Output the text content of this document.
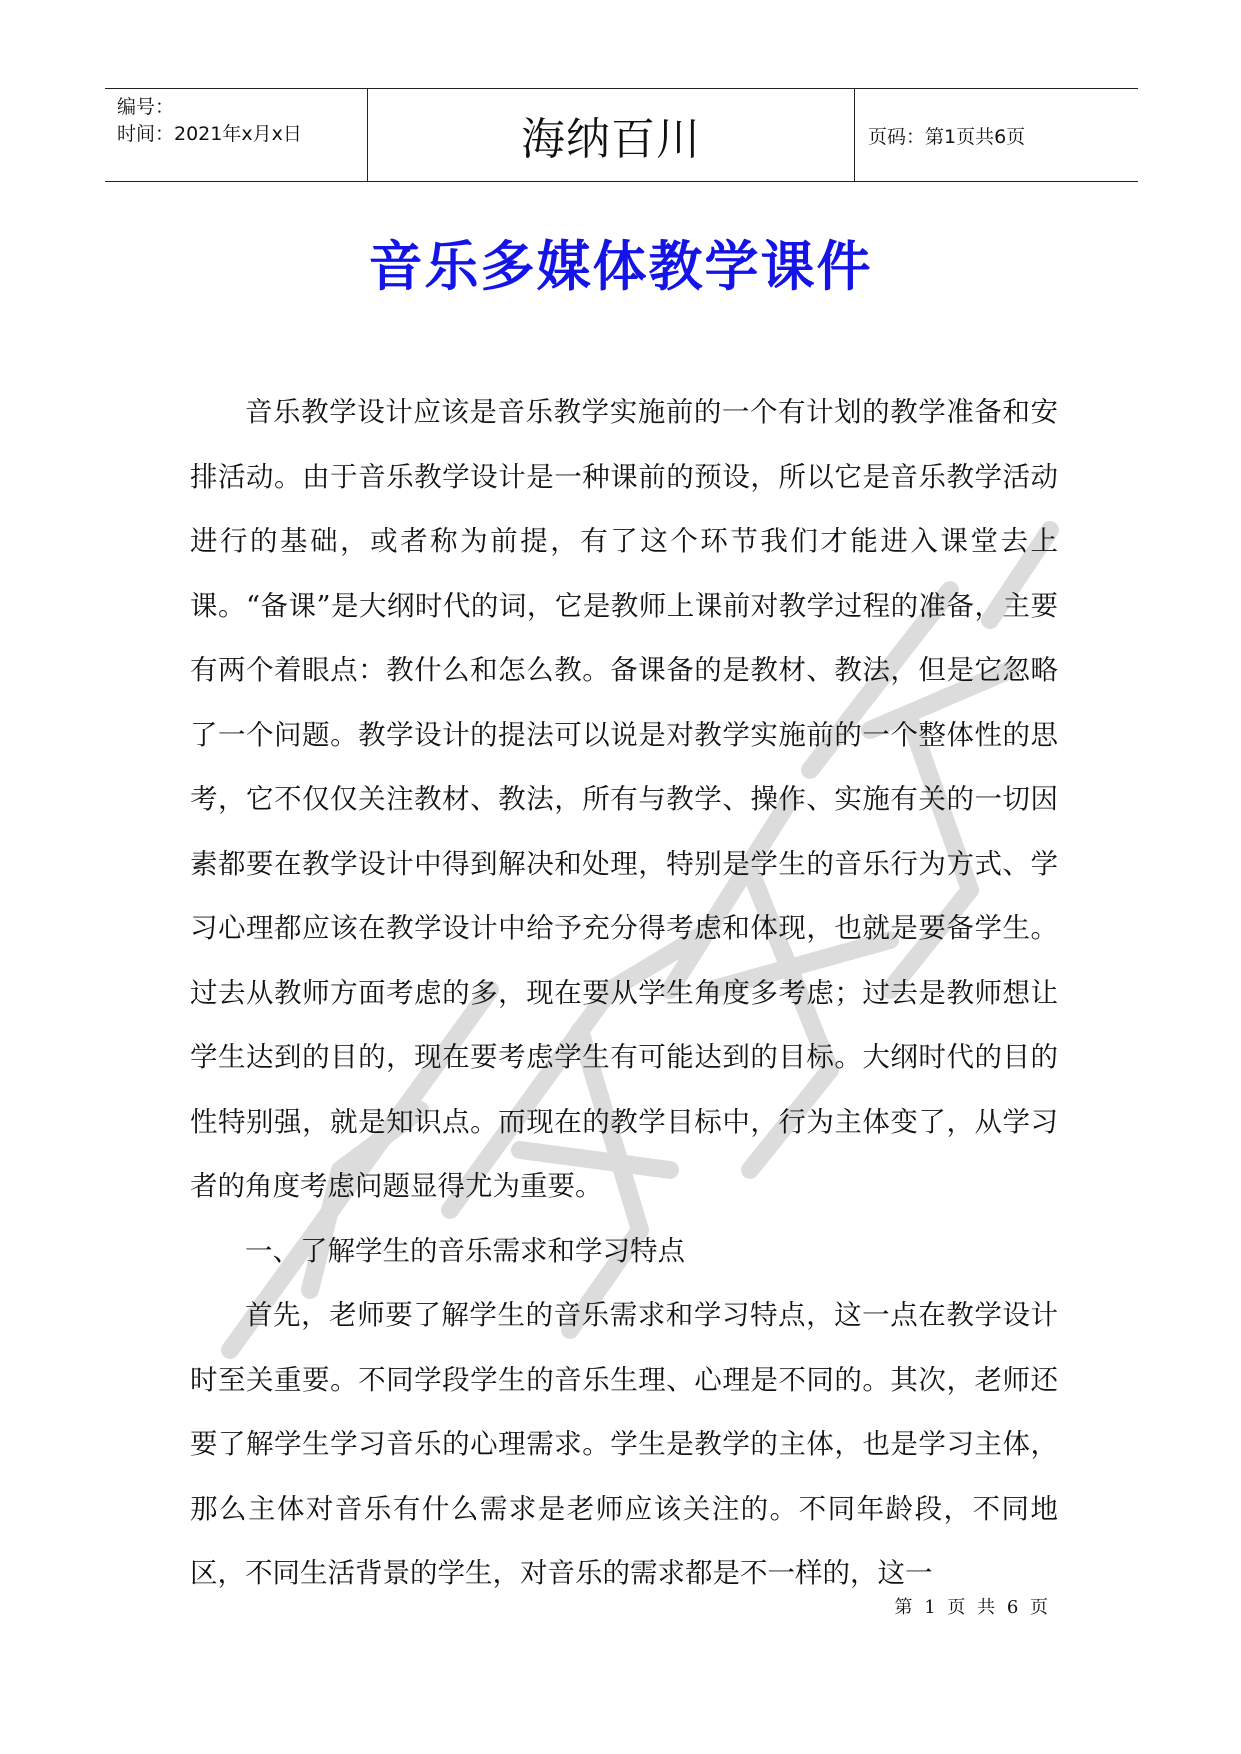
编号：
时间：2021年x月x日	海纳百川	页码：第1页共6页
音乐多媒体教学课件

音乐教学设计应该是音乐教学实施前的一个有计划的教学准备和安排活动。由于音乐教学设计是一种课前的预设，所以它是音乐教学活动进行的基础，或者称为前提，有了这个环节我们才能进入课堂去上课。“备课”是大纲时代的词，它是教师上课前对教学过程的准备，主要有两个着眼点：教什么和怎么教。备课备的是教材、教法，但是它忽略了一个问题。教学设计的提法可以说是对教学实施前的一个整体性的思考，它不仅仅关注教材、教法，所有与教学、操作、实施有关的一切因素都要在教学设计中得到解决和处理，特别是学生的音乐行为方式、学习心理都应该在教学设计中给予充分得考虑和体现，也就是要备学生。过去从教师方面考虑的多，现在要从学生角度多考虑；过去是教师想让学生达到的目的，现在要考虑学生有可能达到的目标。大纲时代的目的性特别强，就是知识点。而现在的教学目标中，行为主体变了，从学习者的角度考虑问题显得尤为重要。

一、了解学生的音乐需求和学习特点

首先，老师要了解学生的音乐需求和学习特点，这一点在教学设计时至关重要。不同学段学生的音乐生理、心理是不同的。其次，老师还要了解学生学习音乐的心理需求。学生是教学的主体，也是学习主体，那么主体对音乐有什么需求是老师应该关注的。不同年龄段，不同地区，不同生活背景的学生，对音乐的需求都是不一样的，这一

第 1 页 共 6 页
